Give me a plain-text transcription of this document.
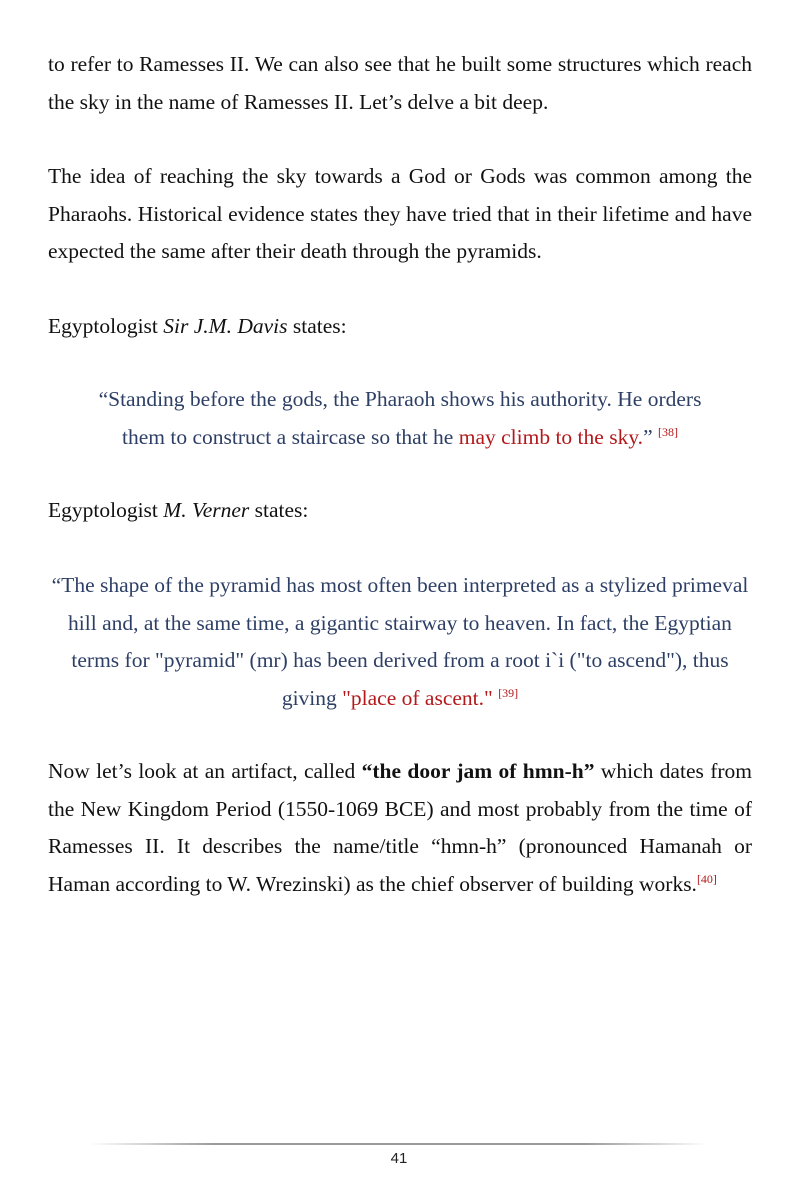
to refer to Ramesses II. We can also see that he built some structures which reach the sky in the name of Ramesses II. Let’s delve a bit deep.

The idea of reaching the sky towards a God or Gods was common among the Pharaohs. Historical evidence states they have tried that in their lifetime and have expected the same after their death through the pyramids.

Egyptologist Sir J.M. Davis states:

“Standing before the gods, the Pharaoh shows his authority. He orders them to construct a staircase so that he may climb to the sky.” [38]

Egyptologist M. Verner states:

“The shape of the pyramid has most often been interpreted as a stylized primeval hill and, at the same time, a gigantic stairway to heaven. In fact, the Egyptian terms for "pyramid" (mr) has been derived from a root i`i ("to ascend"), thus giving "place of ascent." [39]

Now let’s look at an artifact, called “the door jam of hmn-h” which dates from the New Kingdom Period (1550-1069 BCE) and most probably from the time of Ramesses II. It describes the name/title “hmn-h” (pronounced Hamanah or Haman according to W. Wrezinski) as the chief observer of building works.[40]

41
